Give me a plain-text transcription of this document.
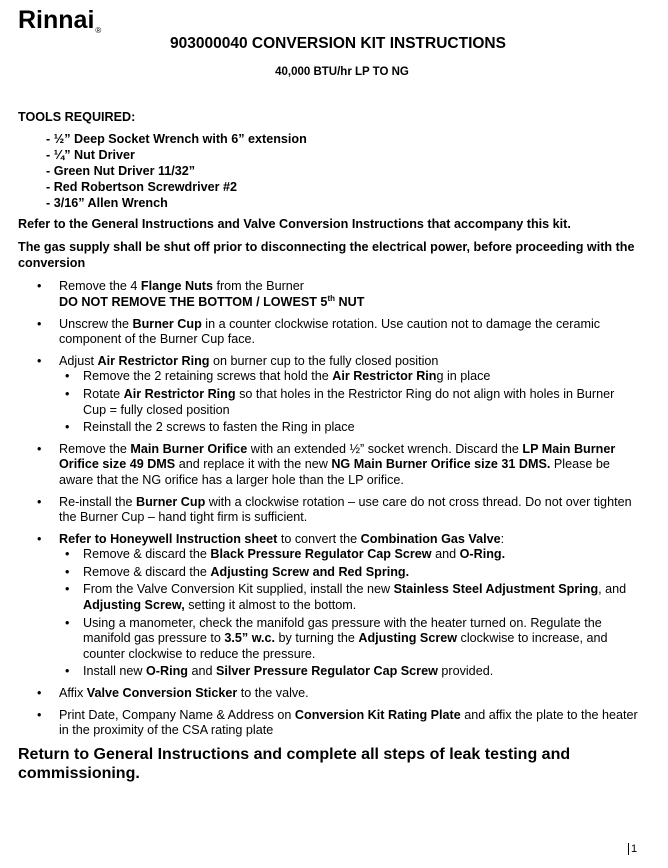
Rinnai®
903000040 CONVERSION KIT INSTRUCTIONS
40,000 BTU/hr LP TO NG
TOOLS REQUIRED:
- ½” Deep Socket Wrench with 6” extension
- ¼” Nut Driver
- Green Nut Driver 11/32”
- Red Robertson Screwdriver #2
- 3/16” Allen Wrench
Refer to the General Instructions and Valve Conversion Instructions that accompany this kit.
The gas supply shall be shut off prior to disconnecting the electrical power, before proceeding with the conversion
• Remove the 4 Flange Nuts from the Burner
DO NOT REMOVE THE BOTTOM / LOWEST 5th NUT
• Unscrew the Burner Cup in a counter clockwise rotation. Use caution not to damage the ceramic component of the Burner Cup face.
• Adjust Air Restrictor Ring on burner cup to the fully closed position
• Remove the 2 retaining screws that hold the Air Restrictor Ring in place
• Rotate Air Restrictor Ring so that holes in the Restrictor Ring do not align with holes in Burner Cup = fully closed position
• Reinstall the 2 screws to fasten the Ring in place
• Remove the Main Burner Orifice with an extended ½” socket wrench. Discard the LP Main Burner Orifice size 49 DMS and replace it with the new NG Main Burner Orifice size 31 DMS. Please be aware that the NG orifice has a larger hole than the LP orifice.
• Re-install the Burner Cup with a clockwise rotation – use care do not cross thread. Do not over tighten the Burner Cup – hand tight firm is sufficient.
• Refer to Honeywell Instruction sheet to convert the Combination Gas Valve:
• Remove & discard the Black Pressure Regulator Cap Screw and O-Ring.
• Remove & discard the Adjusting Screw and Red Spring.
• From the Valve Conversion Kit supplied, install the new Stainless Steel Adjustment Spring, and Adjusting Screw, setting it almost to the bottom.
• Using a manometer, check the manifold gas pressure with the heater turned on. Regulate the manifold gas pressure to 3.5” w.c. by turning the Adjusting Screw clockwise to increase, and counter clockwise to reduce the pressure.
• Install new O-Ring and Silver Pressure Regulator Cap Screw provided.
• Affix Valve Conversion Sticker to the valve.
• Print Date, Company Name & Address on Conversion Kit Rating Plate and affix the plate to the heater in the proximity of the CSA rating plate
Return to General Instructions and complete all steps of leak testing and commissioning.
1
